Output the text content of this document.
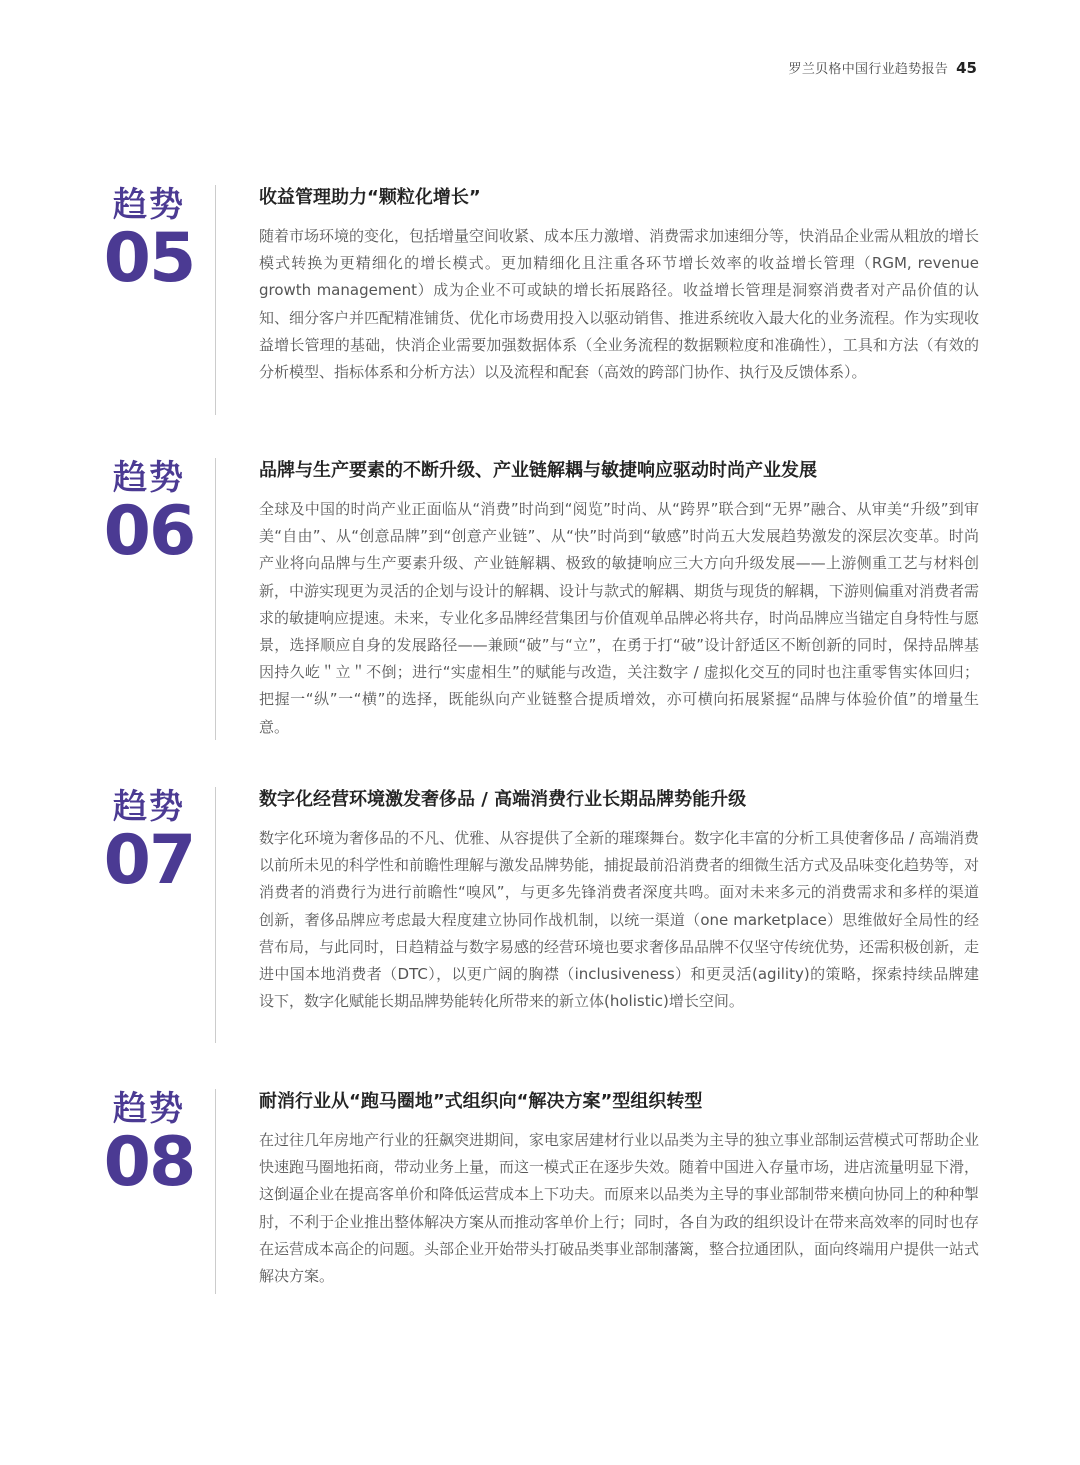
罗兰贝格中国行业趋势报告 45
趋势
05
收益管理助力“颗粒化增长”

随着市场环境的变化，包括增量空间收紧、成本压力激增、消费需求加速细分等，快消品企业需从粗放的增长模式转换为更精细化的增长模式。更加精细化且注重各环节增长效率的收益增长管理（RGM, revenue growth management）成为企业不可或缺的增长拓展路径。收益增长管理是洞察消费者对产品价值的认知、细分客户并匹配精准铺货、优化市场费用投入以驱动销售、推进系统收入最大化的业务流程。作为实现收益增长管理的基础，快消企业需要加强数据体系（全业务流程的数据颗粒度和准确性），工具和方法（有效的分析模型、指标体系和分析方法）以及流程和配套（高效的跨部门协作、执行及反馈体系）。

趋势
06
品牌与生产要素的不断升级、产业链解耦与敏捷响应驱动时尚产业发展

全球及中国的时尚产业正面临从“消费”时尚到“阅览”时尚、从“跨界”联合到“无界”融合、从审美“升级”到审美“自由”、从“创意品牌”到“创意产业链”、从“快”时尚到“敏感”时尚五大发展趋势激发的深层次变革。时尚产业将向品牌与生产要素升级、产业链解耦、极致的敏捷响应三大方向升级发展——上游侧重工艺与材料创新，中游实现更为灵活的企划与设计的解耦、设计与款式的解耦、期货与现货的解耦，下游则偏重对消费者需求的敏捷响应提速。未来，专业化多品牌经营集团与价值观单品牌必将共存，时尚品牌应当锚定自身特性与愿景，选择顺应自身的发展路径——兼顾“破”与“立”，在勇于打“破”设计舒适区不断创新的同时，保持品牌基因持久屹＂立＂不倒；进行“实虚相生”的赋能与改造，关注数字 / 虚拟化交互的同时也注重零售实体回归；把握一“纵”一“横”的选择，既能纵向产业链整合提质增效，亦可横向拓展紧握“品牌与体验价值”的增量生意。

趋势
07
数字化经营环境激发奢侈品 / 高端消费行业长期品牌势能升级

数字化环境为奢侈品的不凡、优雅、从容提供了全新的璀璨舞台。数字化丰富的分析工具使奢侈品 / 高端消费以前所未见的科学性和前瞻性理解与激发品牌势能，捕捉最前沿消费者的细微生活方式及品味变化趋势等，对消费者的消费行为进行前瞻性“嗅风”，与更多先锋消费者深度共鸣。面对未来多元的消费需求和多样的渠道创新，奢侈品牌应考虑最大程度建立协同作战机制，以统一渠道（one marketplace）思维做好全局性的经营布局，与此同时，日趋精益与数字易感的经营环境也要求奢侈品品牌不仅坚守传统优势，还需积极创新，走进中国本地消费者（DTC），以更广阔的胸襟（inclusiveness）和更灵活(agility)的策略，探索持续品牌建设下，数字化赋能长期品牌势能转化所带来的新立体(holistic)增长空间。

趋势
08
耐消行业从“跑马圈地”式组织向“解决方案”型组织转型

在过往几年房地产行业的狂飙突进期间，家电家居建材行业以品类为主导的独立事业部制运营模式可帮助企业快速跑马圈地拓商，带动业务上量，而这一模式正在逐步失效。随着中国进入存量市场，进店流量明显下滑，这倒逼企业在提高客单价和降低运营成本上下功夫。而原来以品类为主导的事业部制带来横向协同上的种种掣肘，不利于企业推出整体解决方案从而推动客单价上行；同时，各自为政的组织设计在带来高效率的同时也存在运营成本高企的问题。头部企业开始带头打破品类事业部制藩篱，整合拉通团队，面向终端用户提供一站式解决方案。
